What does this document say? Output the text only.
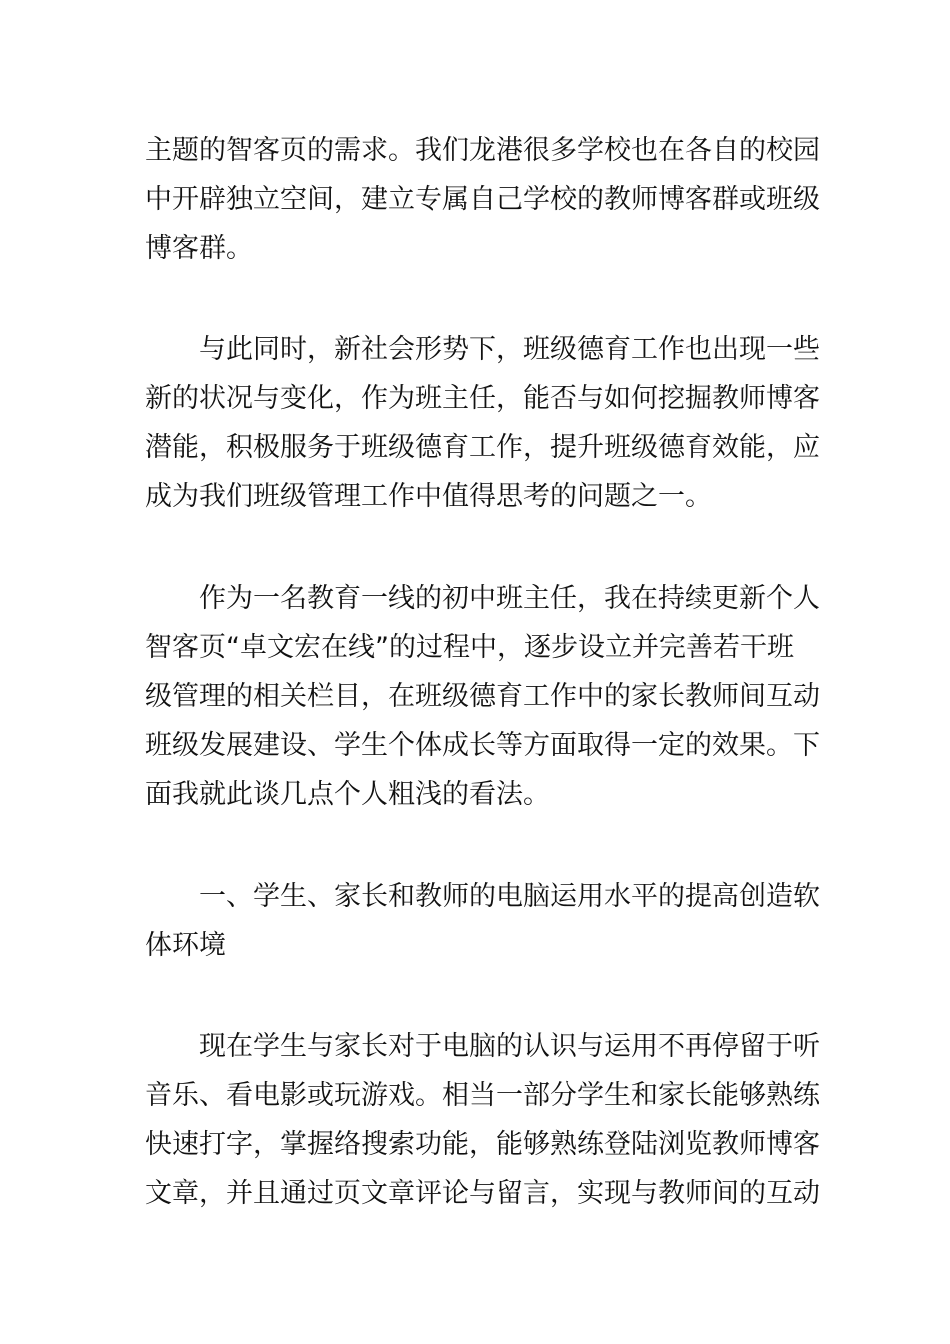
主题的智客页的需求。我们龙港很多学校也在各自的校园
中开辟独立空间，建立专属自己学校的教师博客群或班级
博客群。
与此同时，新社会形势下，班级德育工作也出现一些
新的状况与变化，作为班主任，能否与如何挖掘教师博客
潜能，积极服务于班级德育工作，提升班级德育效能，应
成为我们班级管理工作中值得思考的问题之一。
作为一名教育一线的初中班主任，我在持续更新个人
智客页“卓文宏在线”的过程中，逐步设立并完善若干班
级管理的相关栏目，在班级德育工作中的家长教师间互动
班级发展建设、学生个体成长等方面取得一定的效果。下
面我就此谈几点个人粗浅的看法。
一、学生、家长和教师的电脑运用水平的提高创造软
体环境
现在学生与家长对于电脑的认识与运用不再停留于听
音乐、看电影或玩游戏。相当一部分学生和家长能够熟练
快速打字，掌握络搜索功能，能够熟练登陆浏览教师博客
文章，并且通过页文章评论与留言，实现与教师间的互动
